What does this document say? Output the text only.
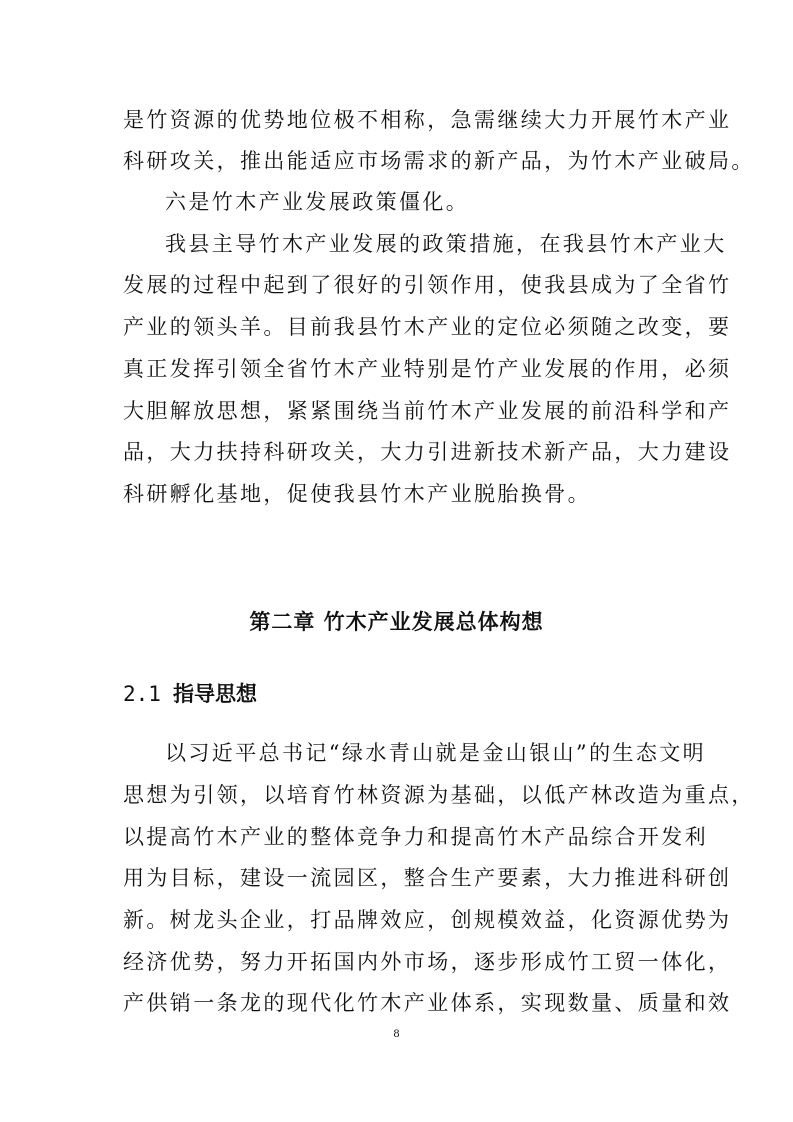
是竹资源的优势地位极不相称，急需继续大力开展竹木产业
科研攻关，推出能适应市场需求的新产品，为竹木产业破局。
六是竹木产业发展政策僵化。
我县主导竹木产业发展的政策措施，在我县竹木产业大
发展的过程中起到了很好的引领作用，使我县成为了全省竹
产业的领头羊。目前我县竹木产业的定位必须随之改变，要
真正发挥引领全省竹木产业特别是竹产业发展的作用，必须
大胆解放思想，紧紧围绕当前竹木产业发展的前沿科学和产
品，大力扶持科研攻关，大力引进新技术新产品，大力建设
科研孵化基地，促使我县竹木产业脱胎换骨。
第二章 竹木产业发展总体构想
2.1 指导思想
以习近平总书记“绿水青山就是金山银山”的生态文明
思想为引领，以培育竹林资源为基础，以低产林改造为重点，
以提高竹木产业的整体竞争力和提高竹木产品综合开发利
用为目标，建设一流园区，整合生产要素，大力推进科研创
新。树龙头企业，打品牌效应，创规模效益，化资源优势为
经济优势，努力开拓国内外市场，逐步形成竹工贸一体化，
产供销一条龙的现代化竹木产业体系，实现数量、质量和效
8
